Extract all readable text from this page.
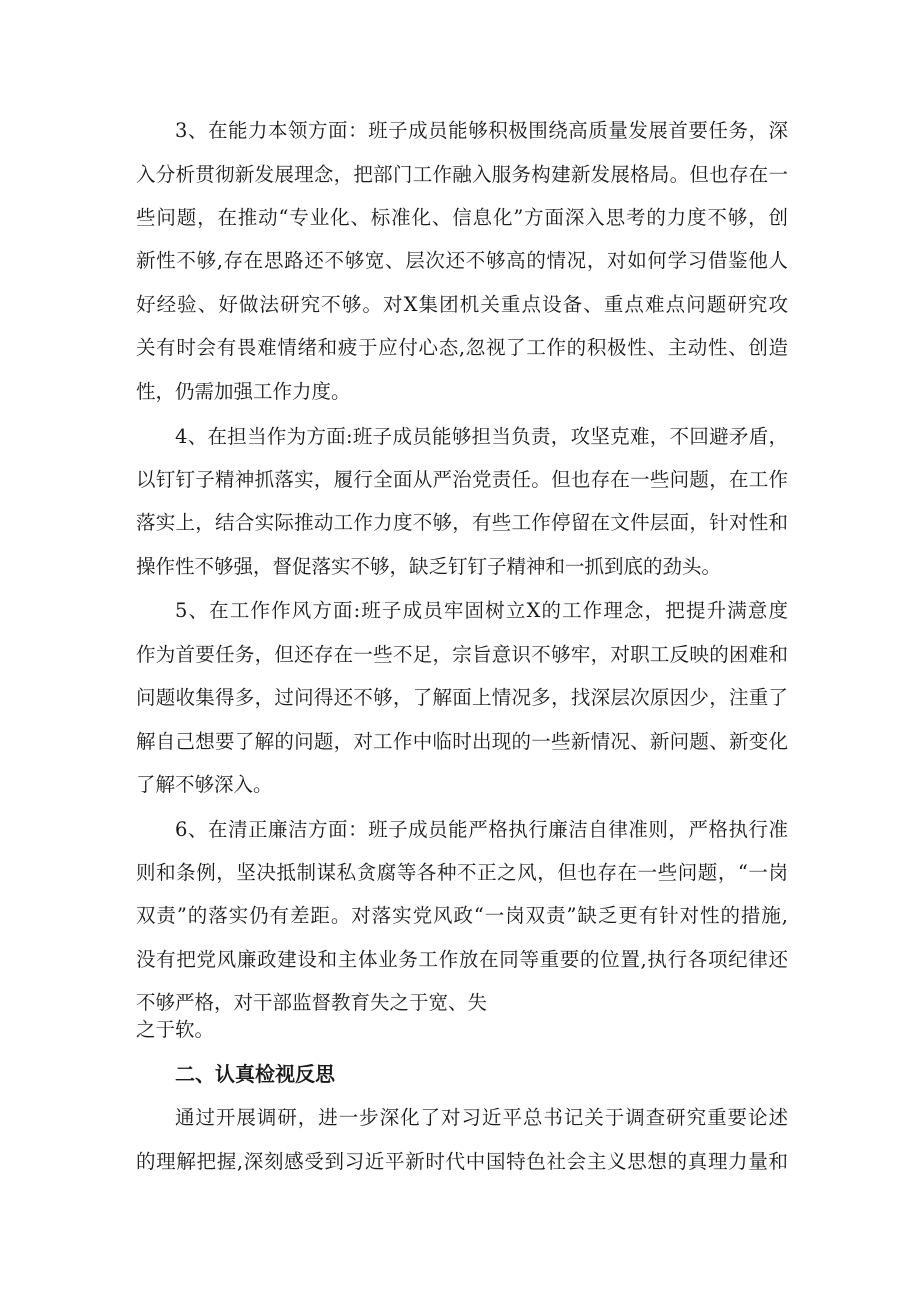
3、在能力本领方面：班子成员能够积极围绕高质量发展首要任务，深
入分析贯彻新发展理念，把部门工作融入服务构建新发展格局。但也存在一
些问题，在推动“专业化、标准化、信息化”方面深入思考的力度不够，创
新性不够,存在思路还不够宽、层次还不够高的情况，对如何学习借鉴他人
好经验、好做法研究不够。对X集团机关重点设备、重点难点问题研究攻
关有时会有畏难情绪和疲于应付心态,忽视了工作的积极性、主动性、创造
性，仍需加强工作力度。
4、在担当作为方面:班子成员能够担当负责，攻坚克难，不回避矛盾，
以钉钉子精神抓落实，履行全面从严治党责任。但也存在一些问题，在工作
落实上，结合实际推动工作力度不够，有些工作停留在文件层面，针对性和
操作性不够强，督促落实不够，缺乏钉钉子精神和一抓到底的劲头。
5、在工作作风方面:班子成员牢固树立X的工作理念，把提升满意度
作为首要任务，但还存在一些不足，宗旨意识不够牢，对职工反映的困难和
问题收集得多，过问得还不够，了解面上情况多，找深层次原因少，注重了
解自己想要了解的问题，对工作中临时出现的一些新情况、新问题、新变化
了解不够深入。
6、在清正廉洁方面：班子成员能严格执行廉洁自律准则，严格执行准
则和条例，坚决抵制谋私贪腐等各种不正之风，但也存在一些问题，“一岗
双责”的落实仍有差距。对落实党风政“一岗双责”缺乏更有针对性的措施,
没有把党风廉政建设和主体业务工作放在同等重要的位置,执行各项纪律还
不够严格，对干部监督教育失之于宽、失
之于软。
二、认真检视反思
通过开展调研，进一步深化了对习近平总书记关于调查研究重要论述
的理解把握,深刻感受到习近平新时代中国特色社会主义思想的真理力量和
